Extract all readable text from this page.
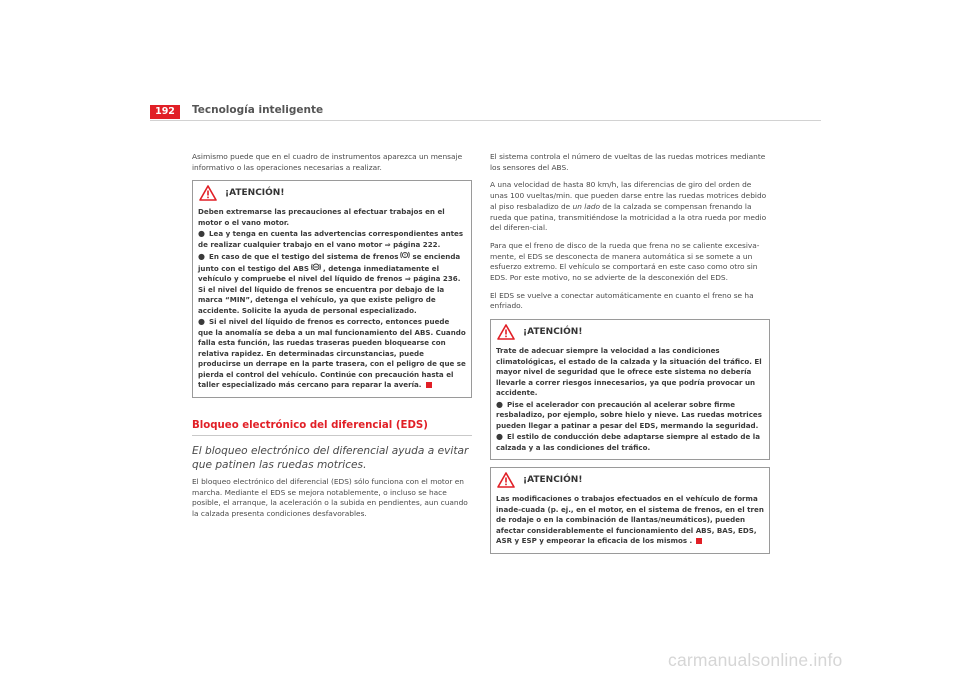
192	Tecnología inteligente

Asimismo puede que en el cuadro de instrumentos aparezca un mensaje informativo o las operaciones necesarias a realizar.

¡ATENCIÓN!

Deben extremarse las precauciones al efectuar trabajos en el motor o el vano motor.

● Lea y tenga en cuenta las advertencias correspondientes antes de realizar cualquier trabajo en el vano motor ⇒ página 222.

● En caso de que el testigo del sistema de frenos se encienda junto con el testigo del ABS , detenga inmediatamente el vehículo y compruebe el nivel del líquido de frenos ⇒ página 236. Si el nivel del líquido de frenos se encuentra por debajo de la marca “MIN”, detenga el vehículo, ya que existe peligro de accidente. Solicite la ayuda de personal especializado.

● Si el nivel del líquido de frenos es correcto, entonces puede que la anomalía se deba a un mal funcionamiento del ABS. Cuando falla esta función, las ruedas traseras pueden bloquearse con relativa rapidez. En determinadas circunstancias, puede producirse un derrape en la parte trasera, con el peligro de que se pierda el control del vehículo. Continúe con precaución hasta el taller especializado más cercano para reparar la avería.

Bloqueo electrónico del diferencial (EDS)
El bloqueo electrónico del diferencial ayuda a evitar que patinen las ruedas motrices.

El bloqueo electrónico del diferencial (EDS) sólo funciona con el motor en marcha. Mediante el EDS se mejora notablemente, o incluso se hace posible, el arranque, la aceleración o la subida en pendientes, aun cuando la calzada presenta condiciones desfavorables.

El sistema controla el número de vueltas de las ruedas motrices mediante los sensores del ABS.

A una velocidad de hasta 80 km/h, las diferencias de giro del orden de unas 100 vueltas/min. que pueden darse entre las ruedas motrices debido al piso resbaladizo de un lado de la calzada se compensan frenando la rueda que patina, transmitiéndose la motricidad a la otra rueda por medio del diferen-cial.

Para que el freno de disco de la rueda que frena no se caliente excesiva-mente, el EDS se desconecta de manera automática si se somete a un esfuerzo extremo. El vehículo se comportará en este caso como otro sin EDS. Por este motivo, no se advierte de la desconexión del EDS.

El EDS se vuelve a conectar automáticamente en cuanto el freno se ha enfriado.

¡ATENCIÓN!

Trate de adecuar siempre la velocidad a las condiciones climatológicas, el estado de la calzada y la situación del tráfico. El mayor nivel de seguridad que le ofrece este sistema no debería llevarle a correr riesgos innecesarios, ya que podría provocar un accidente.

● Pise el acelerador con precaución al acelerar sobre firme resbaladizo, por ejemplo, sobre hielo y nieve. Las ruedas motrices pueden llegar a patinar a pesar del EDS, mermando la seguridad.

● El estilo de conducción debe adaptarse siempre al estado de la calzada y a las condiciones del tráfico.

¡ATENCIÓN!

Las modificaciones o trabajos efectuados en el vehículo de forma inade-cuada (p. ej., en el motor, en el sistema de frenos, en el tren de rodaje o en la combinación de llantas/neumáticos), pueden afectar considerablemente el funcionamiento del ABS, BAS, EDS, ASR y ESP y empeorar la eficacia de los mismos .

carmanualsonline.info
